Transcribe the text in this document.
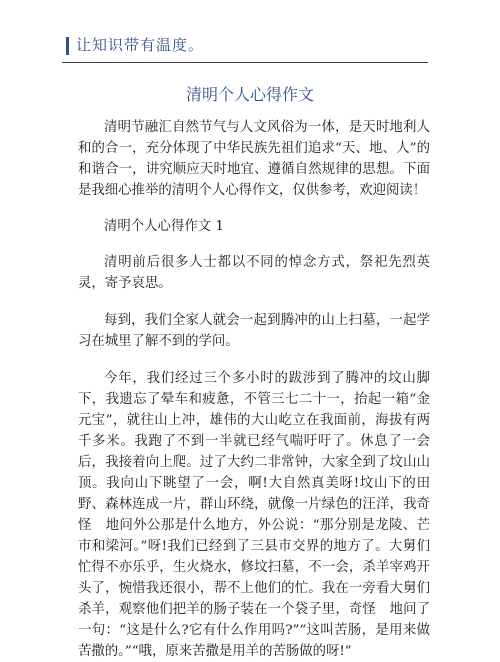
让知识带有温度。
清明个人心得作文

清明节融汇自然节气与人文风俗为一体，是天时地利人和的合一，充分体现了中华民族先祖们追求“天、地、人”的和谐合一，讲究顺应天时地宜、遵循自然规律的思想。下面是我细心推举的清明个人心得作文，仅供参考，欢迎阅读！

清明个人心得作文 1

清明前后很多人士都以不同的悼念方式，祭祀先烈英灵，寄予哀思。

每到，我们全家人就会一起到腾冲的山上扫墓，一起学习在城里了解不到的学问。

今年，我们经过三个多小时的跋涉到了腾冲的坟山脚下，我遗忘了晕车和疲惫，不管三七二十一，抬起一箱“金元宝”，就往山上冲，雄伟的大山屹立在我面前，海拔有两千多米。我跑了不到一半就已经气喘吁吁了。休息了一会后，我接着向上爬。过了大约二非常钟，大家全到了坟山山顶。我向山下眺望了一会，啊!大自然真美呀!坟山下的田野、森林连成一片，群山环绕，就像一片绿色的汪洋，我奇怪　地问外公那是什么地方，外公说：“那分别是龙陵、芒市和梁河。”呀!我们已经到了三县市交界的地方了。大舅们忙得不亦乐乎，生火烧水，修坟扫墓，不一会，杀羊宰鸡开头了，惋惜我还很小，帮不上他们的忙。我在一旁看大舅们杀羊，观察他们把羊的肠子装在一个袋子里，奇怪　地问了一句：“这是什么?它有什么作用吗?”“这叫苦肠，是用来做苦撒的。”“哦，原来苦撒是用羊的苦肠做的呀!”
